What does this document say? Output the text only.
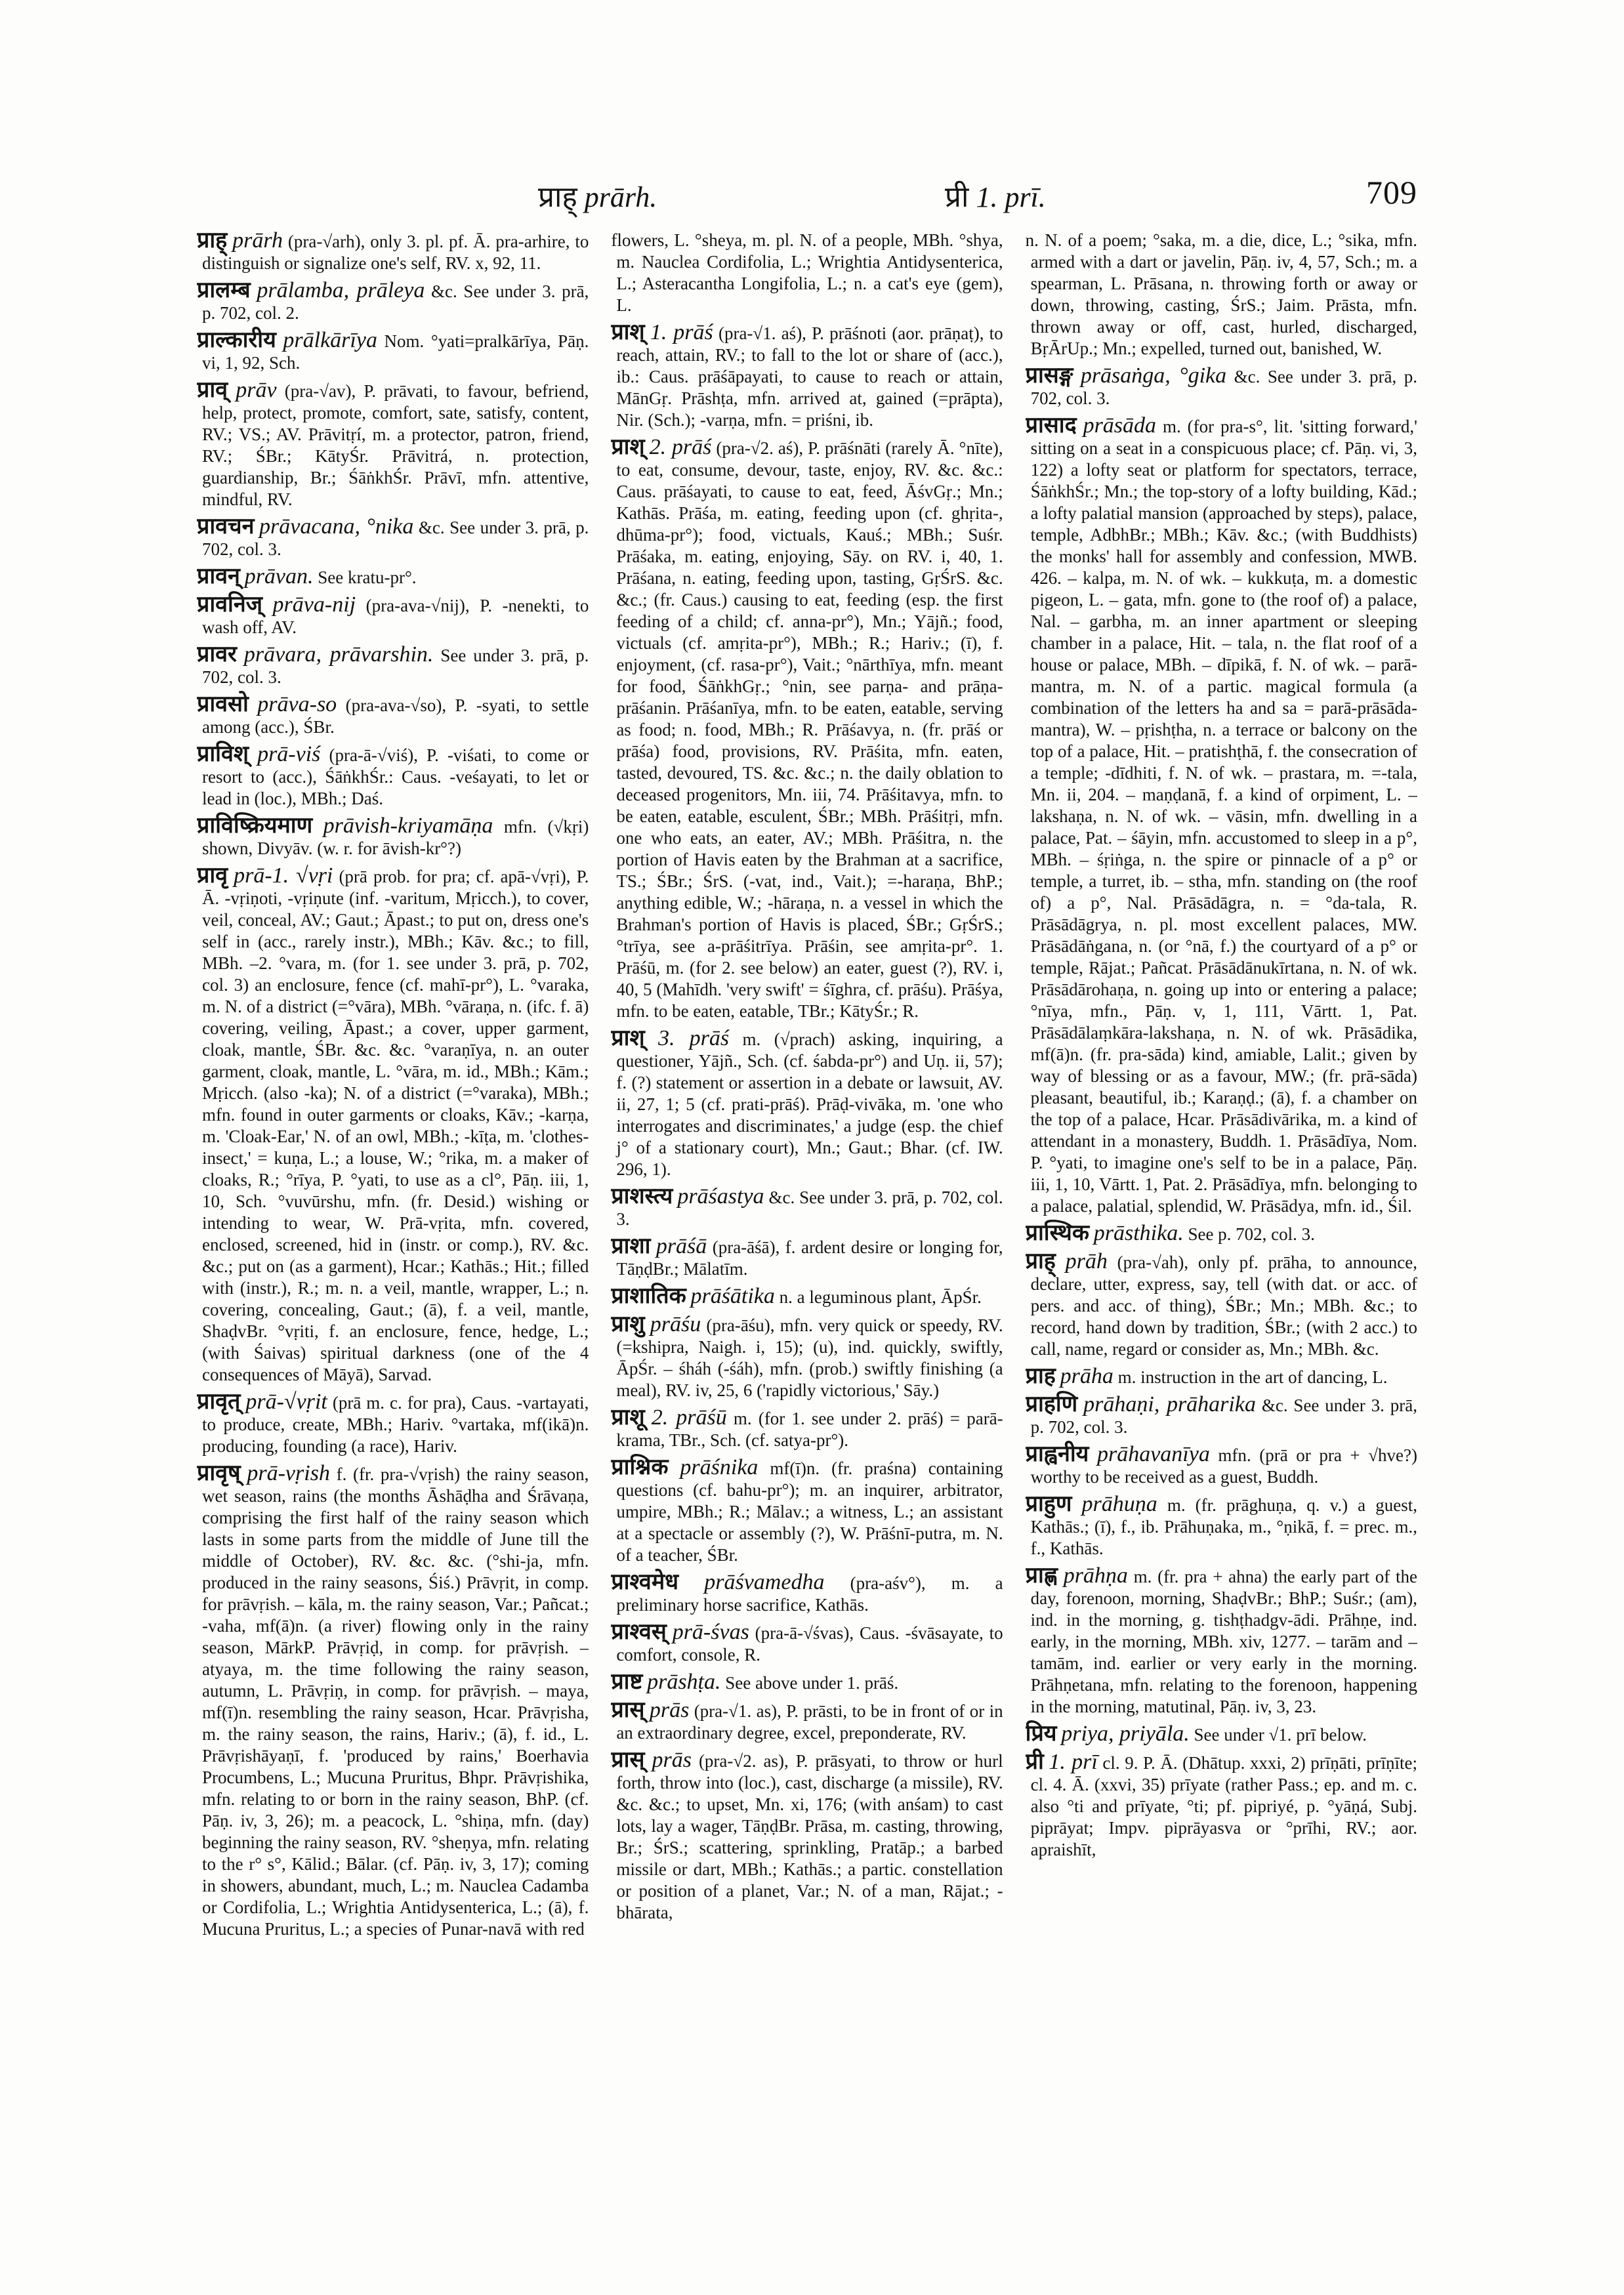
प्राह् prārh.	प्री 1. prī.	709

प्राह् prārh (pra-√arh), only 3. pl. pf. Ā. pra-arhire, to distinguish or signalize one's self, RV. x, 92, 11.

प्रालम्ब prālamba, prāleya &c. See under 3. prā, p. 702, col. 2.

प्राल्कारीय prālkārīya Nom. °yati=pralkārīya, Pāṇ. vi, 1, 92, Sch.

प्राव् prāv (pra-√av), P. prāvati, to favour, befriend, help, protect, promote, comfort, sate, satisfy, content, RV.; VS.; AV. Prāvitṛí, m. a protector, patron, friend, RV.; ŚBr.; KātyŚr. Prāvitrá, n. protection, guardianship, Br.; ŚāṅkhŚr. Prāvī, mfn. attentive, mindful, RV.

प्रावचन prāvacana, °nika &c. See under 3. prā, p. 702, col. 3.

प्रावन् prāvan. See kratu-pr°.

प्रावनिज् prāva-nij (pra-ava-√nij), P. -nenekti, to wash off, AV.

प्रावर prāvara, prāvarshin. See under 3. prā, p. 702, col. 3.

प्रावसो prāva-so (pra-ava-√so), P. -syati, to settle among (acc.), ŚBr.

प्राविश् prā-viś (pra-ā-√viś), P. -viśati, to come or resort to (acc.), ŚāṅkhŚr.: Caus. -veśayati, to let or lead in (loc.), MBh.; Daś.

प्राविष्क्रियमाण prāvish-kriyamāṇa mfn. (√kṛi) shown, Divyāv. (w. r. for āvish-kr°?)

प्रावृ prā-1. √vṛi (prā prob. for pra; cf. apā-√vṛi), P. Ā. -vṛiṇoti, -vṛiṇute (inf. -varitum, Mṛicch.), to cover, veil, conceal, AV.; Gaut.; Āpast.; to put on, dress one's self in (acc., rarely instr.), MBh.; Kāv. &c.; to fill, MBh. –2. °vara, m. (for 1. see under 3. prā, p. 702, col. 3) an enclosure, fence (cf. mahī-pr°), L. °varaka, m. N. of a district (=°vāra), MBh. °vāraṇa, n. (ifc. f. ā) covering, veiling, Āpast.; a cover, upper garment, cloak, mantle, ŚBr. &c. &c. °varaṇīya, n. an outer garment, cloak, mantle, L. °vāra, m. id., MBh.; Kām.; Mṛicch. (also -ka); N. of a district (=°varaka), MBh.; mfn. found in outer garments or cloaks, Kāv.; -karṇa, m. 'Cloak-Ear,' N. of an owl, MBh.; -kīṭa, m. 'clothes-insect,' = kuṇa, L.; a louse, W.; °rika, m. a maker of cloaks, R.; °rīya, P. °yati, to use as a cl°, Pāṇ. iii, 1, 10, Sch. °vuvūrshu, mfn. (fr. Desid.) wishing or intending to wear, W. Prā-vṛita, mfn. covered, enclosed, screened, hid in (instr. or comp.), RV. &c. &c.; put on (as a garment), Hcar.; Kathās.; Hit.; filled with (instr.), R.; m. n. a veil, mantle, wrapper, L.; n. covering, concealing, Gaut.; (ā), f. a veil, mantle, ShaḍvBr. °vṛiti, f. an enclosure, fence, hedge, L.; (with Śaivas) spiritual darkness (one of the 4 consequences of Māyā), Sarvad.

प्रावृत् prā-√vṛit (prā m. c. for pra), Caus. -vartayati, to produce, create, MBh.; Hariv. °vartaka, mf(ikā)n. producing, founding (a race), Hariv.

प्रावृष् prā-vṛish f. (fr. pra-√vṛish) the rainy season, wet season, rains (the months Āshāḍha and Śrāvaṇa, comprising the first half of the rainy season which lasts in some parts from the middle of June till the middle of October), RV. &c. &c. (°shi-ja, mfn. produced in the rainy seasons, Śiś.) Prāvṛit, in comp. for prāvṛish. – kāla, m. the rainy season, Var.; Pañcat.; -vaha, mf(ā)n. (a river) flowing only in the rainy season, MārkP. Prāvṛiḍ, in comp. for prāvṛish. – atyaya, m. the time following the rainy season, autumn, L. Prāvṛiṇ, in comp. for prāvṛish. – maya, mf(ī)n. resembling the rainy season, Hcar. Prāvṛisha, m. the rainy season, the rains, Hariv.; (ā), f. id., L. Prāvṛishāyaṇī, f. 'produced by rains,' Boerhavia Procumbens, L.; Mucuna Pruritus, Bhpr. Prāvṛishika, mfn. relating to or born in the rainy season, BhP. (cf. Pāṇ. iv, 3, 26); m. a peacock, L. °shiṇa, mfn. (day) beginning the rainy season, RV. °sheṇya, mfn. relating to the r° s°, Kālid.; Bālar. (cf. Pāṇ. iv, 3, 17); coming in showers, abundant, much, L.; m. Nauclea Cadamba or Cordifolia, L.; Wrightia Antidysenterica, L.; (ā), f. Mucuna Pruritus, L.; a species of Punar-navā with red

flowers, L. °sheya, m. pl. N. of a people, MBh. °shya, m. Nauclea Cordifolia, L.; Wrightia Antidysenterica, L.; Asteracantha Longifolia, L.; n. a cat's eye (gem), L.

प्राश् 1. prāś (pra-√1. aś), P. prāśnoti (aor. prāṇaṭ), to reach, attain, RV.; to fall to the lot or share of (acc.), ib.: Caus. prāśāpayati, to cause to reach or attain, MānGṛ. Prāshṭa, mfn. arrived at, gained (=prāpta), Nir. (Sch.); -varṇa, mfn. = priśni, ib.

प्राश् 2. prāś (pra-√2. aś), P. prāśnāti (rarely Ā. °nīte), to eat, consume, devour, taste, enjoy, RV. &c. &c.: Caus. prāśayati, to cause to eat, feed, ĀśvGṛ.; Mn.; Kathās. Prāśa, m. eating, feeding upon (cf. ghṛita-, dhūma-pr°); food, victuals, Kauś.; MBh.; Suśr. Prāśaka, m. eating, enjoying, Sāy. on RV. i, 40, 1. Prāśana, n. eating, feeding upon, tasting, GṛŚrS. &c. &c.; (fr. Caus.) causing to eat, feeding (esp. the first feeding of a child; cf. anna-pr°), Mn.; Yājñ.; food, victuals (cf. amṛita-pr°), MBh.; R.; Hariv.; (ī), f. enjoyment, (cf. rasa-pr°), Vait.; °nārthīya, mfn. meant for food, ŚāṅkhGṛ.; °nin, see parṇa- and prāṇa-prāśanin. Prāśanīya, mfn. to be eaten, eatable, serving as food; n. food, MBh.; R. Prāśavya, n. (fr. prāś or prāśa) food, provisions, RV. Prāśita, mfn. eaten, tasted, devoured, TS. &c. &c.; n. the daily oblation to deceased progenitors, Mn. iii, 74. Prāśitavya, mfn. to be eaten, eatable, esculent, ŚBr.; MBh. Prāśitṛi, mfn. one who eats, an eater, AV.; MBh. Prāśitra, n. the portion of Havis eaten by the Brahman at a sacrifice, TS.; ŚBr.; ŚrS. (-vat, ind., Vait.); =-haraṇa, BhP.; anything edible, W.; -hāraṇa, n. a vessel in which the Brahman's portion of Havis is placed, ŚBr.; GṛŚrS.; °trīya, see a-prāśitrīya. Prāśin, see amṛita-pr°. 1. Prāśū, m. (for 2. see below) an eater, guest (?), RV. i, 40, 5 (Mahīdh. 'very swift' = śīghra, cf. prāśu). Prāśya, mfn. to be eaten, eatable, TBr.; KātyŚr.; R.

प्राश् 3. prāś m. (√prach) asking, inquiring, a questioner, Yājñ., Sch. (cf. śabda-pr°) and Uṇ. ii, 57); f. (?) statement or assertion in a debate or lawsuit, AV. ii, 27, 1; 5 (cf. prati-prāś). Prāḍ-vivāka, m. 'one who interrogates and discriminates,' a judge (esp. the chief j° of a stationary court), Mn.; Gaut.; Bhar. (cf. IW. 296, 1).

प्राशस्त्य prāśastya &c. See under 3. prā, p. 702, col. 3.

प्राशा prāśā (pra-āśā), f. ardent desire or longing for, TāṇḍBr.; Mālatīm.

प्राशातिक prāśātika n. a leguminous plant, ĀpŚr.

प्राशु prāśu (pra-āśu), mfn. very quick or speedy, RV. (=kshipra, Naigh. i, 15); (u), ind. quickly, swiftly, ĀpŚr. – śháh (-śáh), mfn. (prob.) swiftly finishing (a meal), RV. iv, 25, 6 ('rapidly victorious,' Sāy.)

प्राशू 2. prāśū m. (for 1. see under 2. prāś) = parā-krama, TBr., Sch. (cf. satya-pr°).

प्राश्निक prāśnika mf(ī)n. (fr. praśna) containing questions (cf. bahu-pr°); m. an inquirer, arbitrator, umpire, MBh.; R.; Mālav.; a witness, L.; an assistant at a spectacle or assembly (?), W. Prāśnī-putra, m. N. of a teacher, ŚBr.

प्राश्वमेध prāśvamedha (pra-aśv°), m. a preliminary horse sacrifice, Kathās.

प्राश्वस् prā-śvas (pra-ā-√śvas), Caus. -śvāsayate, to comfort, console, R.

प्राष्ट prāshṭa. See above under 1. prāś.

प्रास् prās (pra-√1. as), P. prāsti, to be in front of or in an extraordinary degree, excel, preponderate, RV.

प्रास् prās (pra-√2. as), P. prāsyati, to throw or hurl forth, throw into (loc.), cast, discharge (a missile), RV. &c. &c.; to upset, Mn. xi, 176; (with anśam) to cast lots, lay a wager, TāṇḍBr. Prāsa, m. casting, throwing, Br.; ŚrS.; scattering, sprinkling, Pratāp.; a barbed missile or dart, MBh.; Kathās.; a partic. constellation or position of a planet, Var.; N. of a man, Rājat.; -bhārata,

n. N. of a poem; °saka, m. a die, dice, L.; °sika, mfn. armed with a dart or javelin, Pāṇ. iv, 4, 57, Sch.; m. a spearman, L. Prāsana, n. throwing forth or away or down, throwing, casting, ŚrS.; Jaim. Prāsta, mfn. thrown away or off, cast, hurled, discharged, BṛĀrUp.; Mn.; expelled, turned out, banished, W.

प्रासङ्ग prāsaṅga, °gika &c. See under 3. prā, p. 702, col. 3.

प्रासाद prāsāda m. (for pra-s°, lit. 'sitting forward,' sitting on a seat in a conspicuous place; cf. Pāṇ. vi, 3, 122) a lofty seat or platform for spectators, terrace, ŚāṅkhŚr.; Mn.; the top-story of a lofty building, Kād.; a lofty palatial mansion (approached by steps), palace, temple, AdbhBr.; MBh.; Kāv. &c.; (with Buddhists) the monks' hall for assembly and confession, MWB. 426. – kalpa, m. N. of wk. – kukkuṭa, m. a domestic pigeon, L. – gata, mfn. gone to (the roof of) a palace, Nal. – garbha, m. an inner apartment or sleeping chamber in a palace, Hit. – tala, n. the flat roof of a house or palace, MBh. – dīpikā, f. N. of wk. – parā-mantra, m. N. of a partic. magical formula (a combination of the letters ha and sa = parā-prāsāda-mantra), W. – pṛishṭha, n. a terrace or balcony on the top of a palace, Hit. – pratishṭhā, f. the consecration of a temple; -dīdhiti, f. N. of wk. – prastara, m. =-tala, Mn. ii, 204. – maṇḍanā, f. a kind of orpiment, L. – lakshaṇa, n. N. of wk. – vāsin, mfn. dwelling in a palace, Pat. – śāyin, mfn. accustomed to sleep in a p°, MBh. – śṛiṅga, n. the spire or pinnacle of a p° or temple, a turret, ib. – stha, mfn. standing on (the roof of) a p°, Nal. Prāsādāgra, n. = °da-tala, R. Prāsādāgrya, n. pl. most excellent palaces, MW. Prāsādāṅgana, n. (or °nā, f.) the courtyard of a p° or temple, Rājat.; Pañcat. Prāsādānukīrtana, n. N. of wk. Prāsādārohaṇa, n. going up into or entering a palace; °nīya, mfn., Pāṇ. v, 1, 111, Vārtt. 1, Pat. Prāsādālaṃkāra-lakshaṇa, n. N. of wk. Prāsādika, mf(ā)n. (fr. pra-sāda) kind, amiable, Lalit.; given by way of blessing or as a favour, MW.; (fr. prā-sāda) pleasant, beautiful, ib.; Karaṇḍ.; (ā), f. a chamber on the top of a palace, Hcar. Prāsādivārika, m. a kind of attendant in a monastery, Buddh. 1. Prāsādīya, Nom. P. °yati, to imagine one's self to be in a palace, Pāṇ. iii, 1, 10, Vārtt. 1, Pat. 2. Prāsādīya, mfn. belonging to a palace, palatial, splendid, W. Prāsādya, mfn. id., Śil.

प्रास्थिक prāsthika. See p. 702, col. 3.

प्राह् prāh (pra-√ah), only pf. prāha, to announce, declare, utter, express, say, tell (with dat. or acc. of pers. and acc. of thing), ŚBr.; Mn.; MBh. &c.; to record, hand down by tradition, ŚBr.; (with 2 acc.) to call, name, regard or consider as, Mn.; MBh. &c.

प्राह prāha m. instruction in the art of dancing, L.

प्राहणि prāhaṇi, prāharika &c. See under 3. prā, p. 702, col. 3.

प्राह्वनीय prāhavanīya mfn. (prā or pra + √hve?) worthy to be received as a guest, Buddh.

प्राहुण prāhuṇa m. (fr. prāghuṇa, q. v.) a guest, Kathās.; (ī), f., ib. Prāhuṇaka, m., °ṇikā, f. = prec. m., f., Kathās.

प्राह्ण prāhṇa m. (fr. pra + ahna) the early part of the day, forenoon, morning, ShaḍvBr.; BhP.; Suśr.; (am), ind. in the morning, g. tishṭhadgv-ādi. Prāhṇe, ind. early, in the morning, MBh. xiv, 1277. – tarām and – tamām, ind. earlier or very early in the morning. Prāhṇetana, mfn. relating to the forenoon, happening in the morning, matutinal, Pāṇ. iv, 3, 23.

प्रिय priya, priyāla. See under √1. prī below.

प्री 1. prī cl. 9. P. Ā. (Dhātup. xxxi, 2) prīṇāti, prīṇīte; cl. 4. Ā. (xxvi, 35) prīyate (rather Pass.; ep. and m. c. also °ti and prīyate, °ti; pf. pipriyé, p. °yāṇá, Subj. piprāyat; Impv. piprāyasva or °prīhi, RV.; aor. apraishīt,
